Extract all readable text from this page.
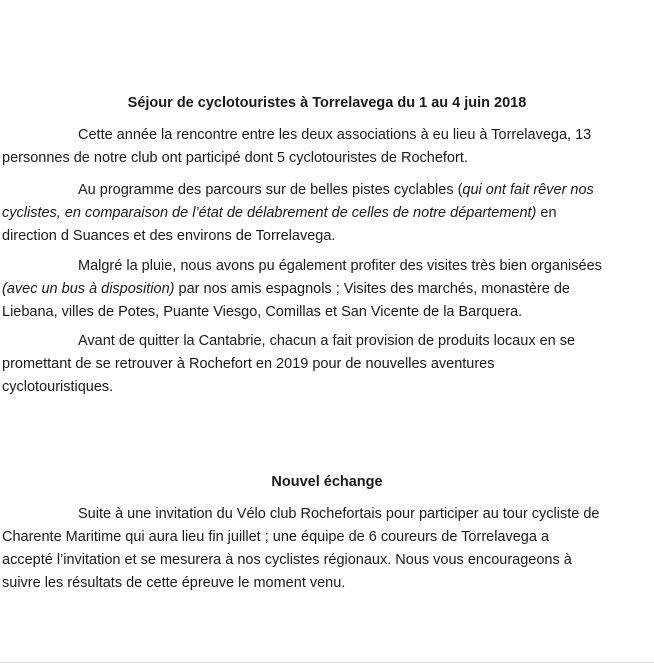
Séjour de cyclotouristes à Torrelavega du 1 au 4 juin 2018
Cette année la rencontre entre les deux associations à eu lieu à Torrelavega, 13
personnes de notre club ont participé dont 5 cyclotouristes de Rochefort.
Au programme des parcours sur de belles pistes cyclables (qui ont fait rêver nos
cyclistes, en comparaison de l’état de délabrement de celles de notre département) en
direction d Suances et des environs de Torrelavega.
Malgré la pluie, nous avons pu également profiter des visites très bien organisées
(avec un bus à disposition) par nos amis espagnols ; Visites des marchés, monastère de
Liebana, villes de Potes, Puante Viesgo, Comillas et San Vicente de la Barquera.
Avant de quitter la Cantabrie, chacun a fait provision de produits locaux en se
promettant de se retrouver à Rochefort en 2019 pour de nouvelles aventures
cyclotouristiques.
Nouvel échange
Suite à une invitation du Vélo club Rochefortais pour participer au tour cycliste de
Charente Maritime qui aura lieu fin juillet ; une équipe de 6 coureurs de Torrelavega a
accepté l’invitation et se mesurera à nos cyclistes régionaux. Nous vous encourageons à
suivre les résultats de cette épreuve le moment venu.
